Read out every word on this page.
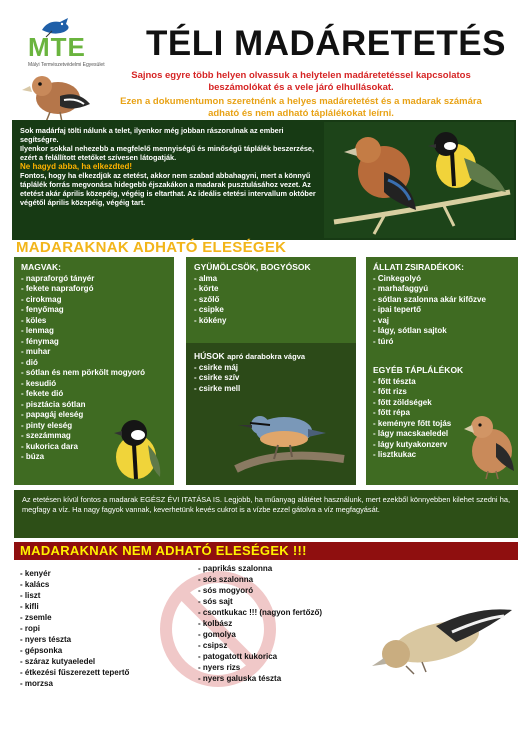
MTE
Mályi Természetvédelmi Egyesület
TÉLI MADÁRETETÉS
Sajnos egyre több helyen olvassuk a helytelen madáretetéssel kapcsolatos beszámolókat és a vele járó elhullásokat.
Ezen a dokumentumon szeretnénk a helyes madáretetést és a madarak számára adható és nem adható táplálékokat leírni.
Sok madárfaj tölti nálunk a telet, ilyenkor még jobban rászorulnak az emberi segítségre.
Ilyenkor sokkal nehezebb a megfelelő mennyiségű és minőségű táplálék beszerzése, ezért a felállított etetőket szívesen látogatják.
Ne hagyd abba, ha elkezdted!
Fontos, hogy ha elkezdjük az etetést, akkor nem szabad abbahagyni, mert a könnyű táplálék forrás megvonása hidegebb éjszakákon a madarak pusztulásához vezet. Az etetést akár április közepéig, végéig is eltarthat. Az ideális etetési intervallum október végétől április közepéig, végéig tart.
MADARAKNAK ADHATÓ ELESÉGEK
MAGVAK:
- napraforgó tányér
- fekete napraforgó
- cirokmag
- fenyőmag
- köles
- lenmag
- fénymag
- muhar
- dió
- sótlan és nem pörkölt mogyoró
- kesudió
- fekete dió
- pisztácia sótlan
- papagáj eleség
- pinty eleség
- szezámmag
- kukorica dara
- búza
GYÜMÖLCSÖK, BOGYÓSOK
- alma
- körte
- szőlő
- csipke
- kökény
HÚSOK apró darabokra vágva
- csirke máj
- csirke szív
- csirke mell
ÁLLATI ZSIRADÉKOK:
- Cinkegolyó
- marhafaggyú
- sótlan szalonna akár kifőzve
- ipai tepertő
- vaj
- lágy, sótlan sajtok
- túró
EGYÉB TÁPLÁLÉKOK
- főtt tészta
- főtt rizs
- főtt zöldségek
- főtt répa
- keményre főtt tojás
- lágy macskaeledel
- lágy kutyakonzerv
- lisztkukac
Az etetésen kívül fontos a madarak EGÉSZ ÉVI ITATÁSA IS. Legjobb, ha műanyag alátétet használunk, mert ezekből könnyebben kilehet szedni ha, megfagy a víz. Ha nagy fagyok vannak, keverhetünk kevés cukrot is a vízbe ezzel gátolva a víz megfagyását.
MADARAKNAK NEM ADHATÓ ELESÉGEK !!!
- kenyér
- kalács
- liszt
- kifli
- zsemle
- ropi
- nyers tészta
- gépsonka
- száraz kutyaeledel
- étkezési fűszerezett tepertő
- morzsa
- paprikás szalonna
- sós szalonna
- sós mogyoró
- sós sajt
- csontkukac !!! (nagyon fertőző)
- kolbász
- gomolya
- csipsz
- patogatott kukorica
- nyers rizs
- nyers galuska tészta
